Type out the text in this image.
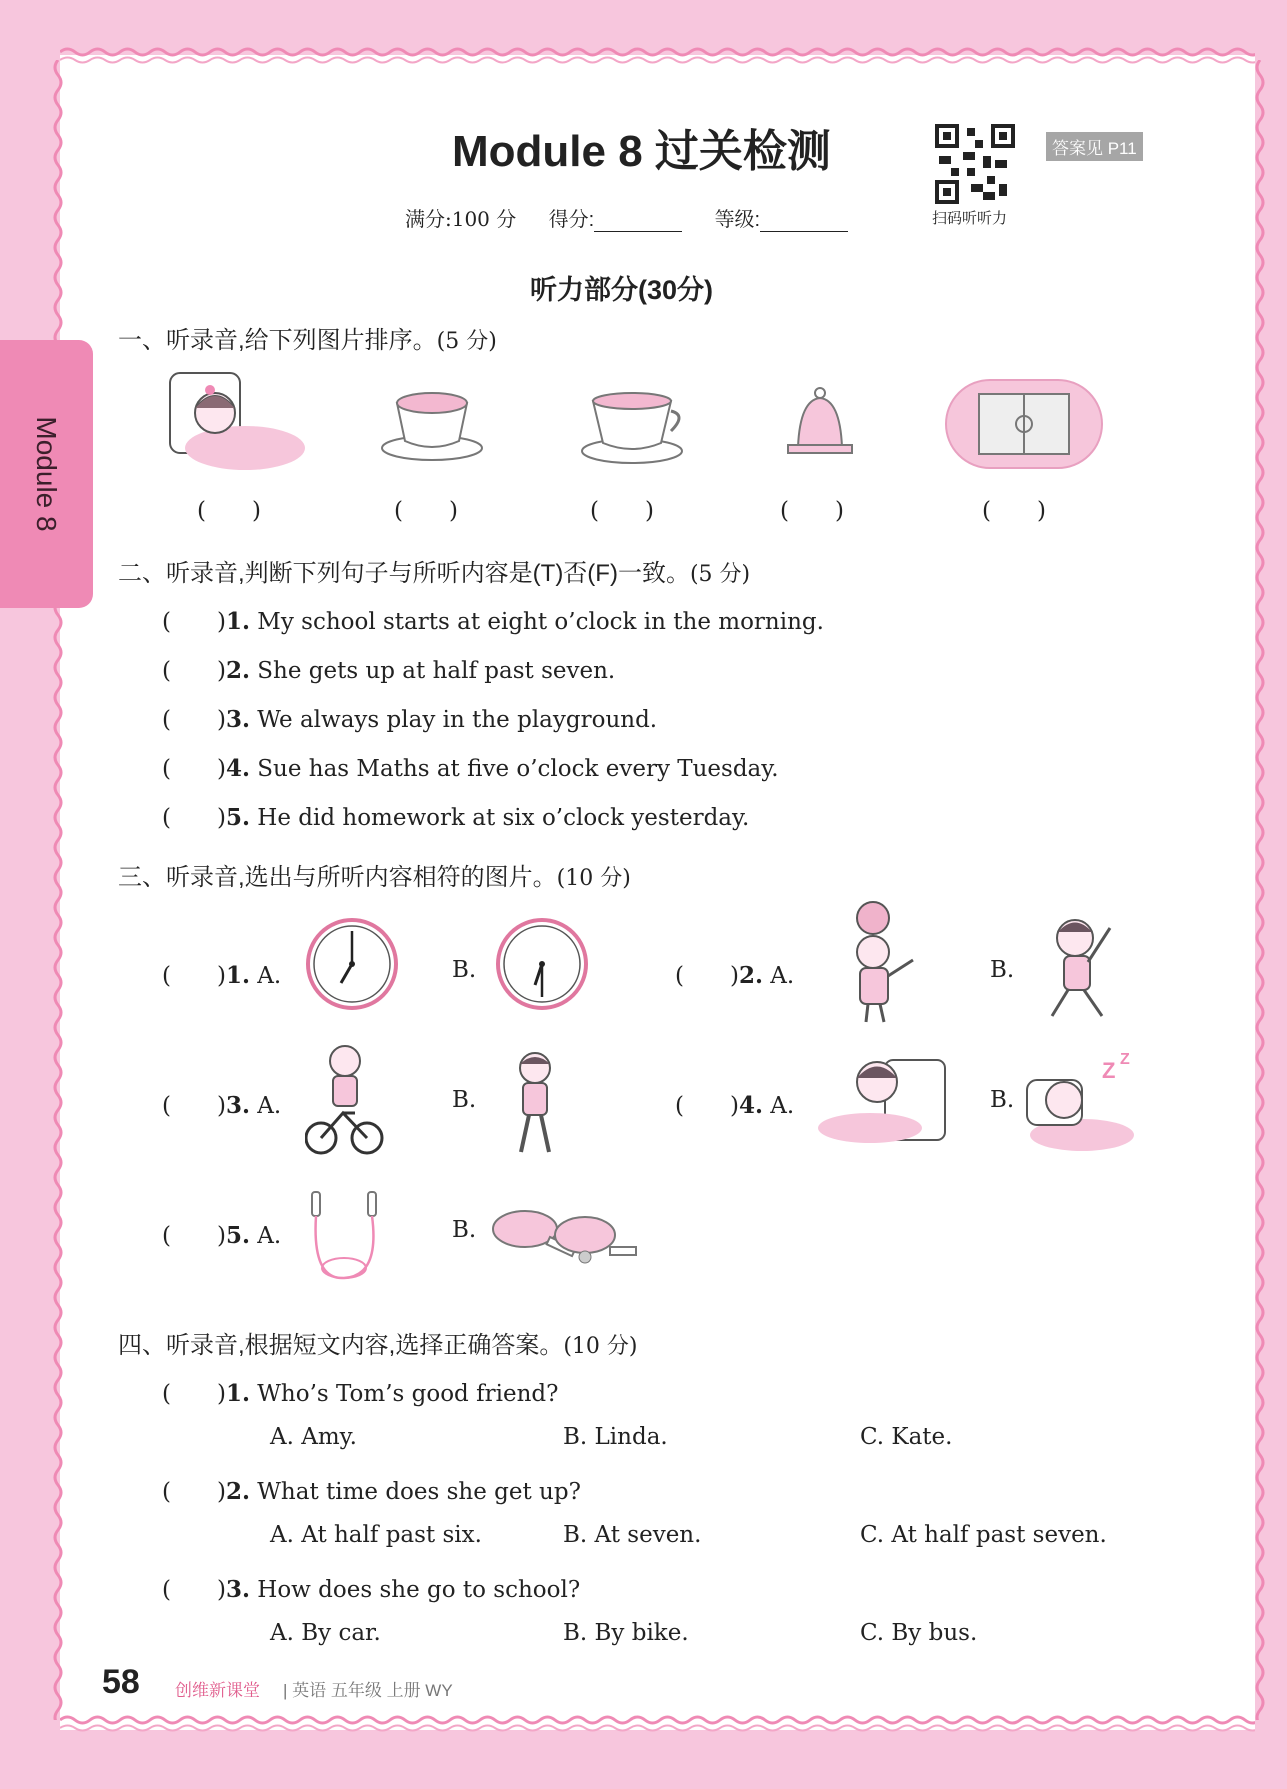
Module 8
Module 8 过关检测
扫码听听力
答案见 P11
满分:100 分 得分:	等级:
听力部分(30分)
一、听录音,给下列图片排序。(5 分)
(　　)	(　　)	(　　)	(　　)	(　　)
二、听录音,判断下列句子与所听内容是(T)否(F)一致。(5 分)
(　　)1. My school starts at eight o’clock in the morning.
(　　)2. She gets up at half past seven.
(　　)3. We always play in the playground.
(　　)4. Sue has Maths at five o’clock every Tuesday.
(　　)5. He did homework at six o’clock yesterday.
三、听录音,选出与所听内容相符的图片。(10 分)
(　　)1. A.	B.	(　　)2. A.	B.
(　　)3. A.	B.	(　　)4. A.	B.
Z Z
(　　)5. A.	B.
四、听录音,根据短文内容,选择正确答案。(10 分)
(　　)1. Who’s Tom’s good friend?
A. Amy.	B. Linda.	C. Kate.
(　　)2. What time does she get up?
A. At half past six.	B. At seven.	C. At half past seven.
(　　)3. How does she go to school?
A. By car.	B. By bike.	C. By bus.
58 创维新课堂 | 英语 五年级 上册 WY
